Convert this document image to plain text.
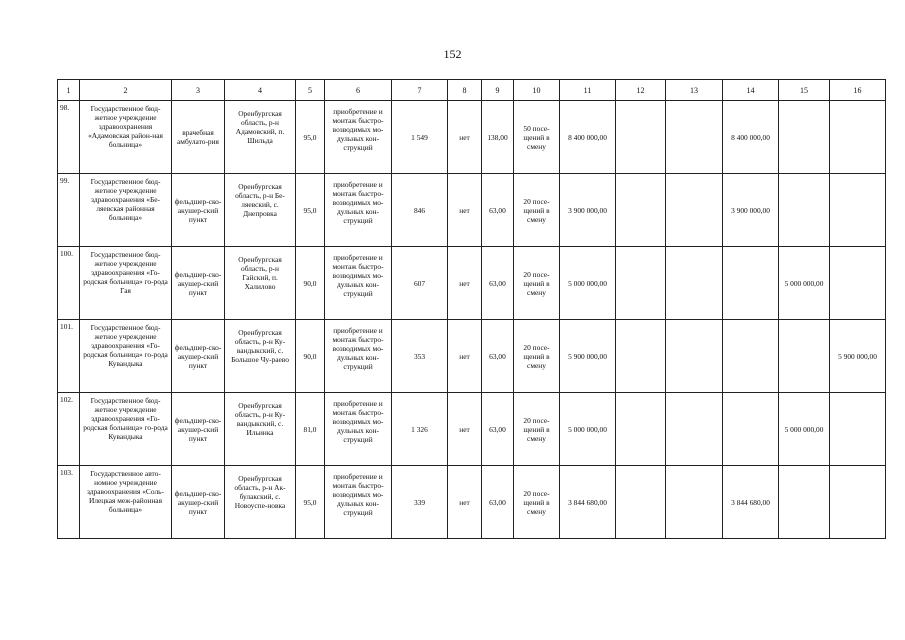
152
1	2	3	4	5	6	7	8	9	10	11	12	13	14	15	16
98.	Государственное бюд-жетное учреждение здравоохранения «Адамовская район-ная больница»	врачебная амбулато-рия	Оренбургская область, р-н Адамовский, п. Шильда	95,0	приобретение и монтаж быстро-возводимых мо-дульных кон-струкций	1 549	нет	138,00	50 посе-щений в смену	8 400 000,00			8 400 000,00		
99.	Государственное бюд-жетное учреждение здравоохранения «Бе-ляевская районная больница»	фельдшер-ско-акушер-ский пункт	Оренбургская область, р-н Бе-ляевский, с. Днепровка	95,0	приобретение и монтаж быстро-возводимых мо-дульных кон-струкций	846	нет	63,00	20 посе-щений в смену	3 900 000,00			3 900 000,00		
100.	Государственное бюд-жетное учреждение здравоохранения «Го-родская больница» го-рода Гая	фельдшер-ско-акушер-ский пункт	Оренбургская область, р-н Гайский, п. Халилово	90,0	приобретение и монтаж быстро-возводимых мо-дульных кон-струкций	607	нет	63,00	20 посе-щений в смену	5 000 000,00				5 000 000,00	
101.	Государственное бюд-жетное учреждение здравоохранения «Го-родская больница» го-рода Кувандыка	фельдшер-ско-акушер-ский пункт	Оренбургская область, р-н Ку-вандыкский, с. Большое Чу-раево	90,0	приобретение и монтаж быстро-возводимых мо-дульных кон-струкций	353	нет	63,00	20 посе-щений в смену	5 900 000,00					5 900 000,00
102.	Государственное бюд-жетное учреждение здравоохранения «Го-родская больница» го-рода Кувандыка	фельдшер-ско-акушер-ский пункт	Оренбургская область, р-н Ку-вандыкский, с. Ильинка	81,0	приобретение и монтаж быстро-возводимых мо-дульных кон-струкций	1 326	нет	63,00	20 посе-щений в смену	5 000 000,00				5 000 000,00	
103.	Государственное авто-номное учреждение здравоохранения «Соль-Илецкая меж-районная больница»	фельдшер-ско-акушер-ский пункт	Оренбургская область, р-н Ак-булакский, с. Новоуспе-новка	95,0	приобретение и монтаж быстро-возводимых мо-дульных кон-струкций	339	нет	63,00	20 посе-щений в смену	3 844 680,00			3 844 680,00		
